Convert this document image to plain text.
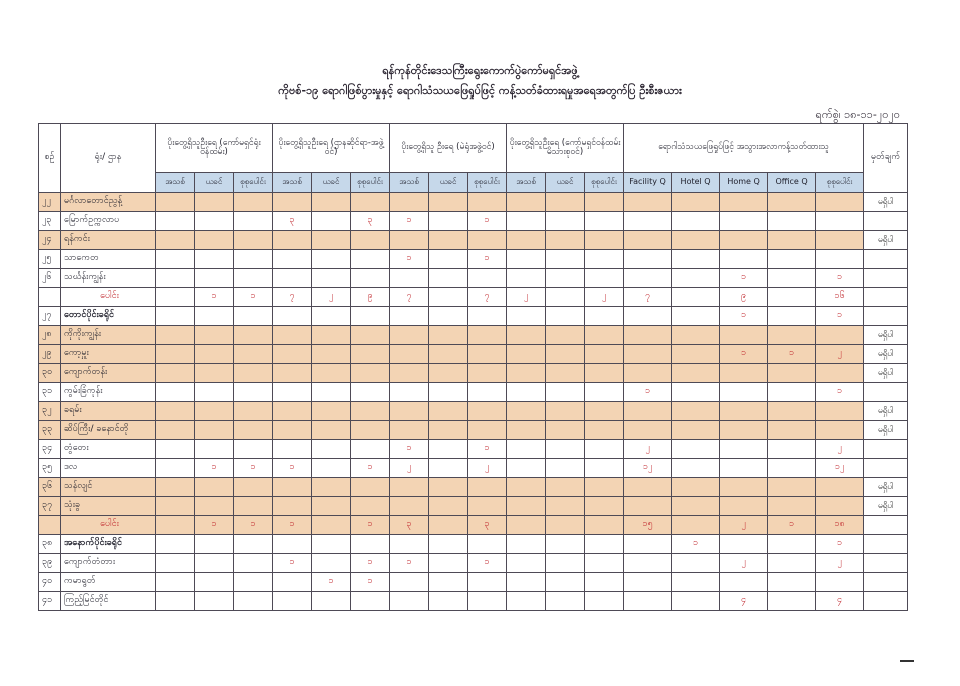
ရန်ကုန်တိုင်းဒေသကြီးရွေးကောက်ပွဲကော်မရှင်အဖွဲ့
ကိုဗစ်-၁၉ ရောဂါဖြစ်ပွားမှုနှင့် ရောဂါသံသယဖြေရှုပ်ဖြင့် ကန့်သတ်ခံထားရမှုအရေအတွက်ပြ ဦးစီးဇယား
ရက်စွဲ၊ ၁၈-၁၁-၂၀၂၀
စဉ်	ရုံး/ ဌာန	ပိုးတွေ့ရှိသူဦးရေ (ကော်မရှင်ရုံးဝန်ထမ်း)			ပိုးတွေ့ရှိသူဦးရေ (ဌာနဆိုင်ရာ-အဖွဲ့ဝင်)			ပိုးတွေ့ရှိသူ ဦးရေ (မဲရုံအဖွဲ့ဝင်)			ပိုးတွေ့ရှိသူဦးရေ (ကော်မရှင်ဝန်ထမ်း မိသားစုဝင်)			ရောဂါသံသယဖြေရှုပ်ဖြင့် အသွားအလာကန့်သတ်ထားသူ					မှတ်ချက်
		အသစ်	ယခင်	စုစုပေါင်း	အသစ်	ယခင်	စုစုပေါင်း	အသစ်	ယခင်	စုစုပေါင်း	အသစ်	ယခင်	စုစုပေါင်း	Facility Q	Hotel Q	Home Q	Office Q	စုစုပေါင်း	
၂၂	မင်္ဂလာတောင်ညွန့်																		မရှိပါ
၂၃	မြောက်ဥက္ကလာပ				၃		၃	၁		၁									
၂၄	ရန်ကင်း																		မရှိပါ
၂၅	သာကေတ							၁		၁									
၂၆	သင်္ဃန်းကျွန်း															၁		၁	
	ပေါင်း		၁	၁	၇	၂	၉	၇		၇	၂		၂	၇		၉		၁၆	
၂၇	တောင်ပိုင်းခရိုင်															၁		၁	
၂၈	ကိုကိုးကျွန်း																		မရှိပါ
၂၉	ကော့မှူး															၁	၁	၂	မရှိပါ
၃၀	ကျောက်တန်း																		မရှိပါ
၃၁	ကွမ်းခြံကုန်း													၁				၁	
၃၂	ခရမ်း																		မရှိပါ
၃၃	ဆိပ်ကြီး/ ခနောင်တို																		မရှိပါ
၃၄	တွံတေး							၁		၁				၂				၂	
၃၅	ဒလ		၁	၁	၁		၁	၂		၂				၁၂				၁၂	
၃၆	သန်လျင်																		မရှိပါ
၃၇	သုံးခွ																		မရှိပါ
	ပေါင်း		၁	၁	၁		၁	၃		၃				၁၅		၂	၁	၁၈	
၃၈	အနောက်ပိုင်းခရိုင်														၁			၁	
၃၉	ကျောက်တံတား				၁		၁	၁		၁						၂		၂	
၄၀	ကမာရွတ်					၁	၁												
၄၁	ကြည့်မြင်တိုင်															၄		၄	
